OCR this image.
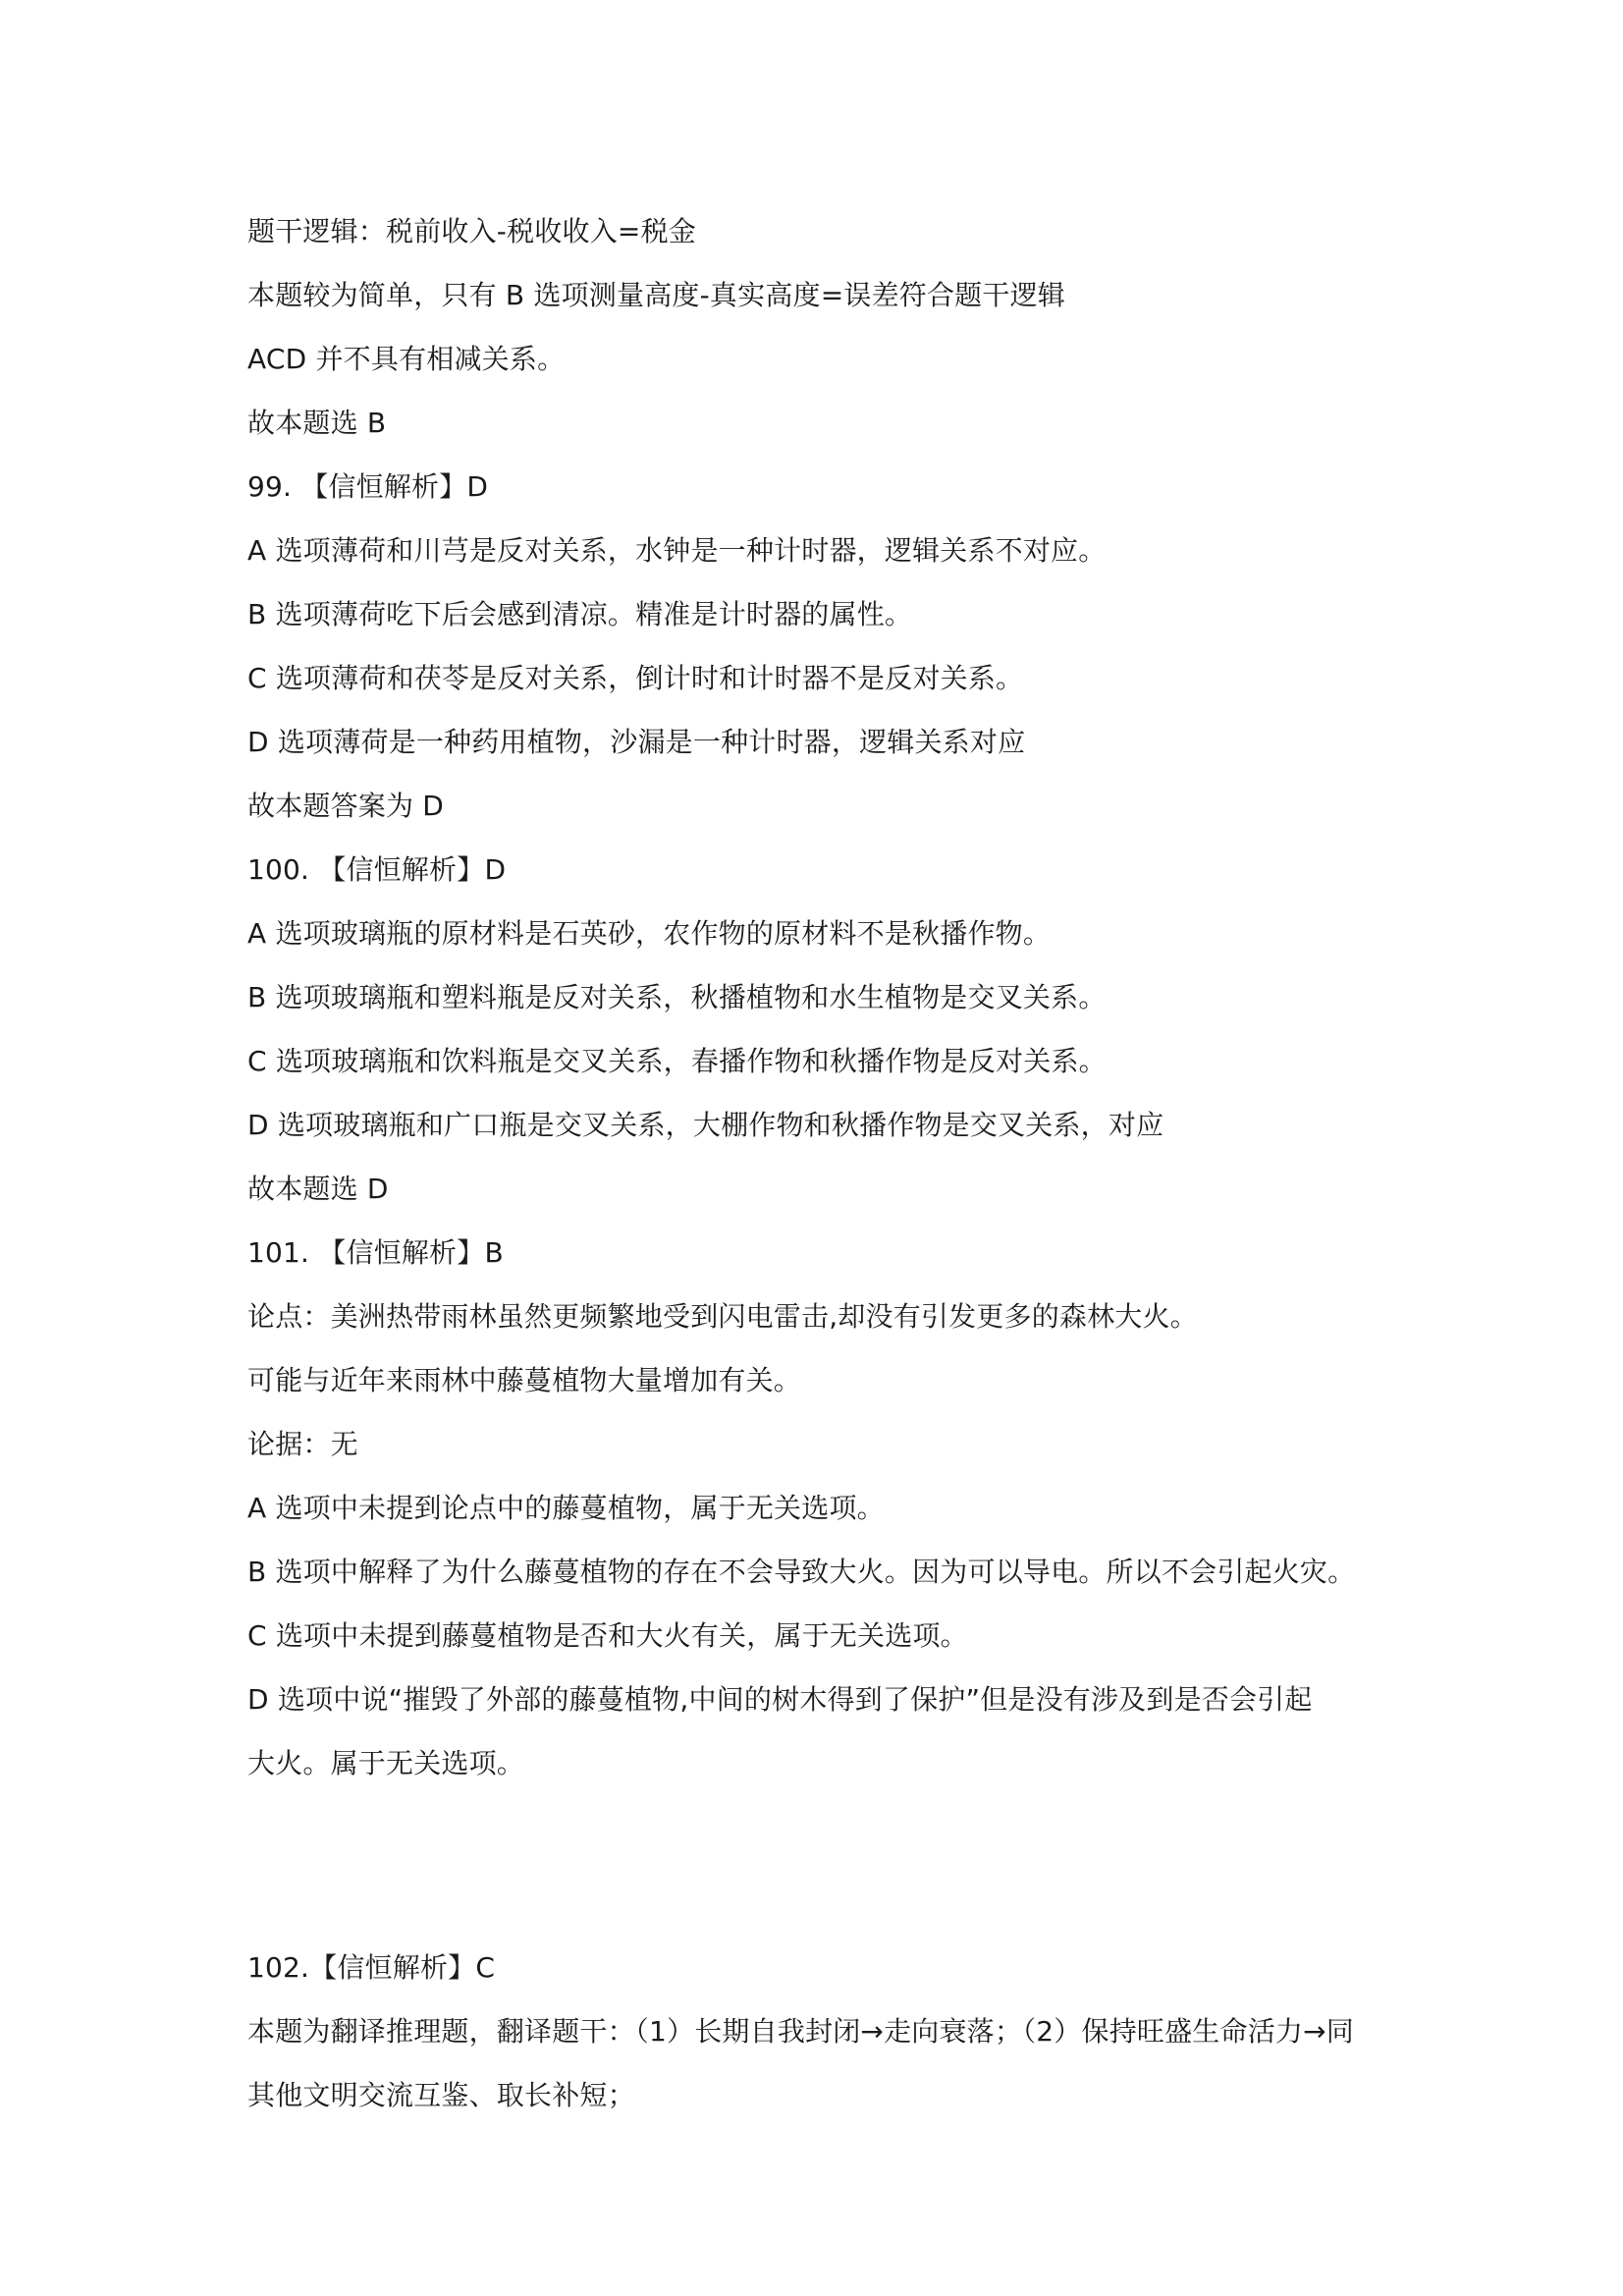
题干逻辑：税前收入-税收收入=税金
本题较为简单，只有 B 选项测量高度-真实高度=误差符合题干逻辑
ACD 并不具有相减关系。
故本题选 B
99. 【信恒解析】D
A 选项薄荷和川芎是反对关系，水钟是一种计时器，逻辑关系不对应。
B 选项薄荷吃下后会感到清凉。精准是计时器的属性。
C 选项薄荷和茯苓是反对关系，倒计时和计时器不是反对关系。
D 选项薄荷是一种药用植物，沙漏是一种计时器，逻辑关系对应
故本题答案为 D
100. 【信恒解析】D
A 选项玻璃瓶的原材料是石英砂，农作物的原材料不是秋播作物。
B 选项玻璃瓶和塑料瓶是反对关系，秋播植物和水生植物是交叉关系。
C 选项玻璃瓶和饮料瓶是交叉关系，春播作物和秋播作物是反对关系。
D 选项玻璃瓶和广口瓶是交叉关系，大棚作物和秋播作物是交叉关系，对应
故本题选 D
101. 【信恒解析】B
论点：美洲热带雨林虽然更频繁地受到闪电雷击,却没有引发更多的森林大火。
可能与近年来雨林中藤蔓植物大量增加有关。
论据：无
A 选项中未提到论点中的藤蔓植物，属于无关选项。
B 选项中解释了为什么藤蔓植物的存在不会导致大火。因为可以导电。所以不会引起火灾。
C 选项中未提到藤蔓植物是否和大火有关，属于无关选项。
D 选项中说“摧毁了外部的藤蔓植物,中间的树木得到了保护”但是没有涉及到是否会引起
大火。属于无关选项。
102.【信恒解析】C
本题为翻译推理题，翻译题干：（1）长期自我封闭→走向衰落；（2）保持旺盛生命活力→同
其他文明交流互鉴、取长补短；
